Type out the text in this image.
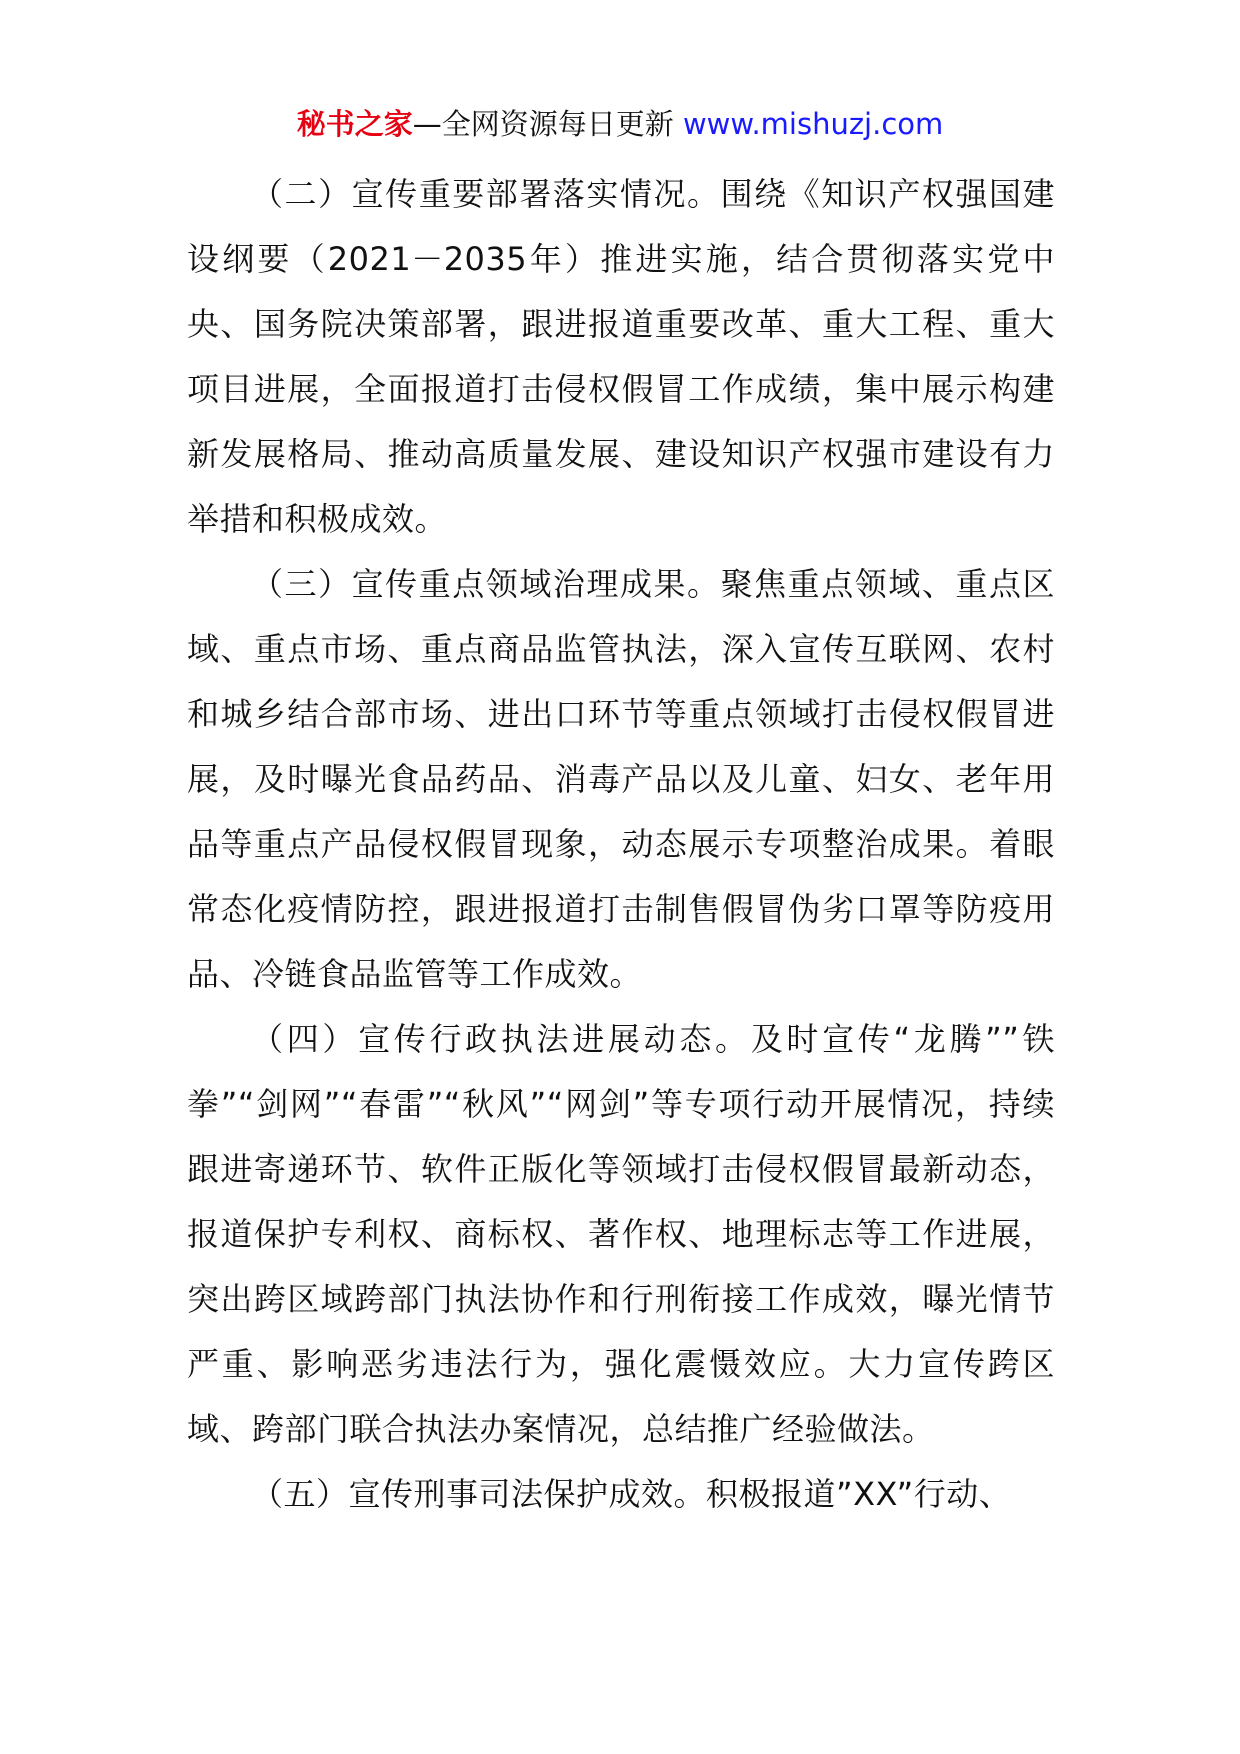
秘书之家—全网资源每日更新 www.mishuzj.com

（二）宣传重要部署落实情况。围绕《知识产权强国建设纲要（2021－2035年）推进实施，结合贯彻落实党中央、国务院决策部署，跟进报道重要改革、重大工程、重大项目进展，全面报道打击侵权假冒工作成绩，集中展示构建新发展格局、推动高质量发展、建设知识产权强市建设有力举措和积极成效。

（三）宣传重点领域治理成果。聚焦重点领域、重点区域、重点市场、重点商品监管执法，深入宣传互联网、农村和城乡结合部市场、进出口环节等重点领域打击侵权假冒进展，及时曝光食品药品、消毒产品以及儿童、妇女、老年用品等重点产品侵权假冒现象，动态展示专项整治成果。着眼常态化疫情防控，跟进报道打击制售假冒伪劣口罩等防疫用品、冷链食品监管等工作成效。

（四）宣传行政执法进展动态。及时宣传“龙腾””铁拳”“剑网”“春雷”“秋风”“网剑”等专项行动开展情况，持续跟进寄递环节、软件正版化等领域打击侵权假冒最新动态，报道保护专利权、商标权、著作权、地理标志等工作进展，突出跨区域跨部门执法协作和行刑衔接工作成效，曝光情节严重、影响恶劣违法行为，强化震慑效应。大力宣传跨区域、跨部门联合执法办案情况，总结推广经验做法。

（五）宣传刑事司法保护成效。积极报道”XX”行动、
